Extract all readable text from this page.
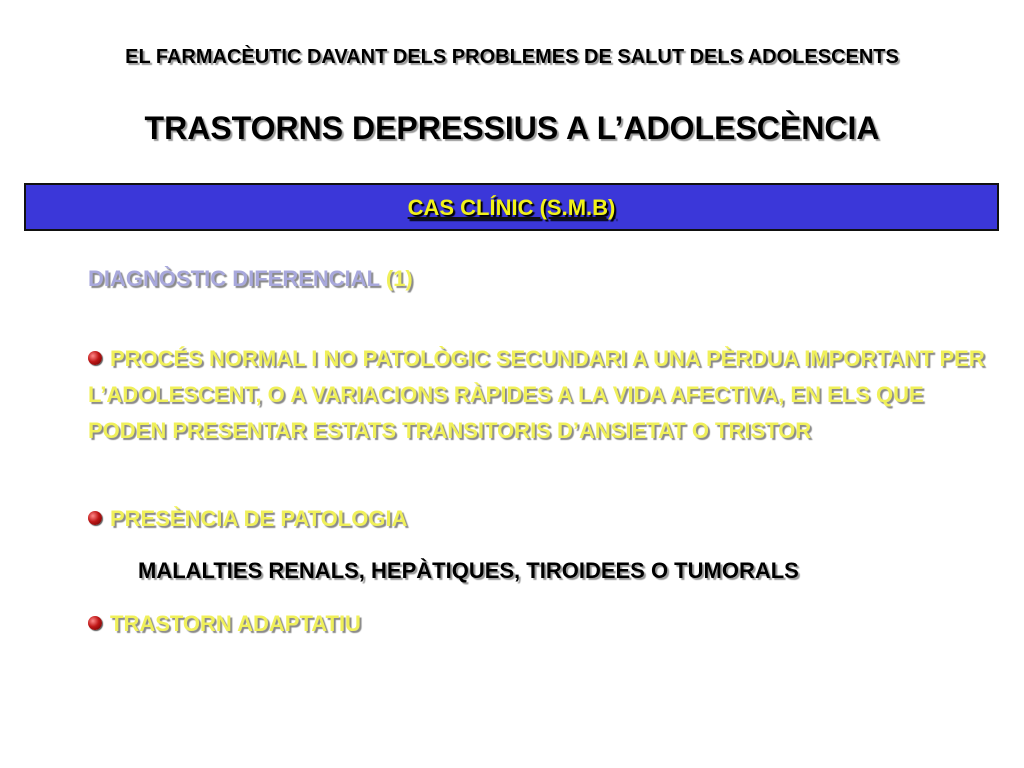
EL FARMACÈUTIC DAVANT DELS PROBLEMES DE SALUT DELS ADOLESCENTS
TRASTORNS DEPRESSIUS A L’ADOLESCÈNCIA
CAS CLÍNIC (S.M.B)
DIAGNÒSTIC DIFERENCIAL (1)
PROCÉS NORMAL I NO PATOLÒGIC SECUNDARI A UNA PÈRDUA IMPORTANT PER L’ADOLESCENT, O A VARIACIONS RÀPIDES A LA VIDA AFECTIVA, EN ELS QUE PODEN PRESENTAR ESTATS TRANSITORIS D’ANSIETAT O TRISTOR
PRESÈNCIA DE PATOLOGIA
MALALTIES RENALS, HEPÀTIQUES, TIROIDEES O TUMORALS
TRASTORN ADAPTATIU
